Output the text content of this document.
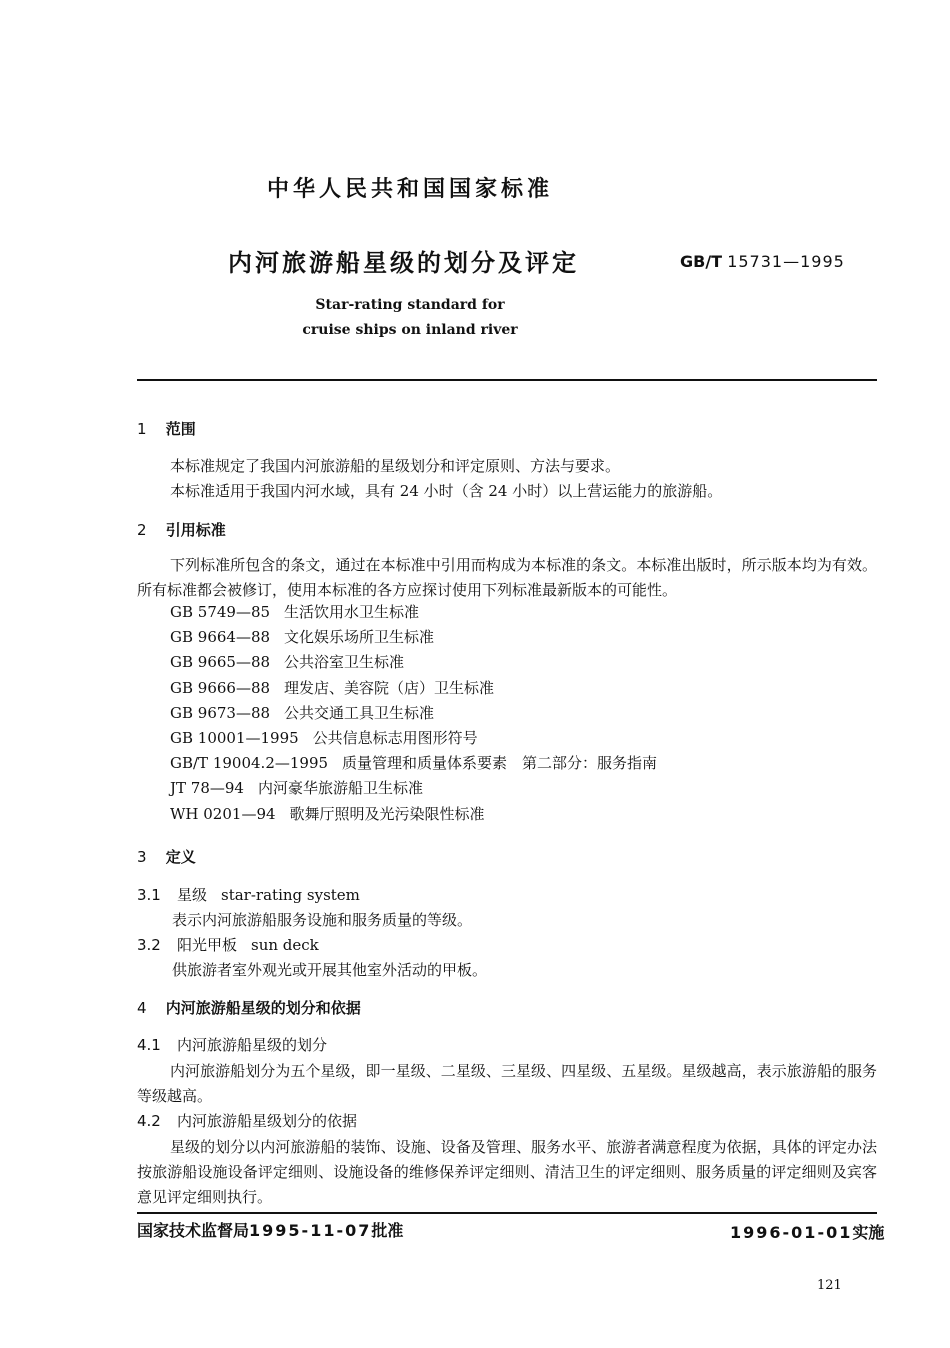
中华人民共和国国家标准
内河旅游船星级的划分及评定	GB/T 15731—1995
Star-rating standard for
cruise ships on inland river
1 范围
本标准规定了我国内河旅游船的星级划分和评定原则、方法与要求。
本标准适用于我国内河水域，具有 24 小时（含 24 小时）以上营运能力的旅游船。
2 引用标准
下列标准所包含的条文，通过在本标准中引用而构成为本标准的条文。本标准出版时，所示版本均为有效。所有标准都会被修订，使用本标准的各方应探讨使用下列标准最新版本的可能性。
GB 5749—85 生活饮用水卫生标准
GB 9664—88 文化娱乐场所卫生标准
GB 9665—88 公共浴室卫生标准
GB 9666—88 理发店、美容院（店）卫生标准
GB 9673—88 公共交通工具卫生标准
GB 10001—1995 公共信息标志用图形符号
GB/T 19004.2—1995 质量管理和质量体系要素　第二部分：服务指南
JT 78—94 内河豪华旅游船卫生标准
WH 0201—94 歌舞厅照明及光污染限性标准
3 定义
3.1 星级 star-rating system
表示内河旅游船服务设施和服务质量的等级。
3.2 阳光甲板 sun deck
供旅游者室外观光或开展其他室外活动的甲板。
4 内河旅游船星级的划分和依据
4.1 内河旅游船星级的划分
内河旅游船划分为五个星级，即一星级、二星级、三星级、四星级、五星级。星级越高，表示旅游船的服务等级越高。
4.2 内河旅游船星级划分的依据
星级的划分以内河旅游船的装饰、设施、设备及管理、服务水平、旅游者满意程度为依据，具体的评定办法按旅游船设施设备评定细则、设施设备的维修保养评定细则、清洁卫生的评定细则、服务质量的评定细则及宾客意见评定细则执行。
国家技术监督局1995-11-07批准	1996-01-01实施
121
